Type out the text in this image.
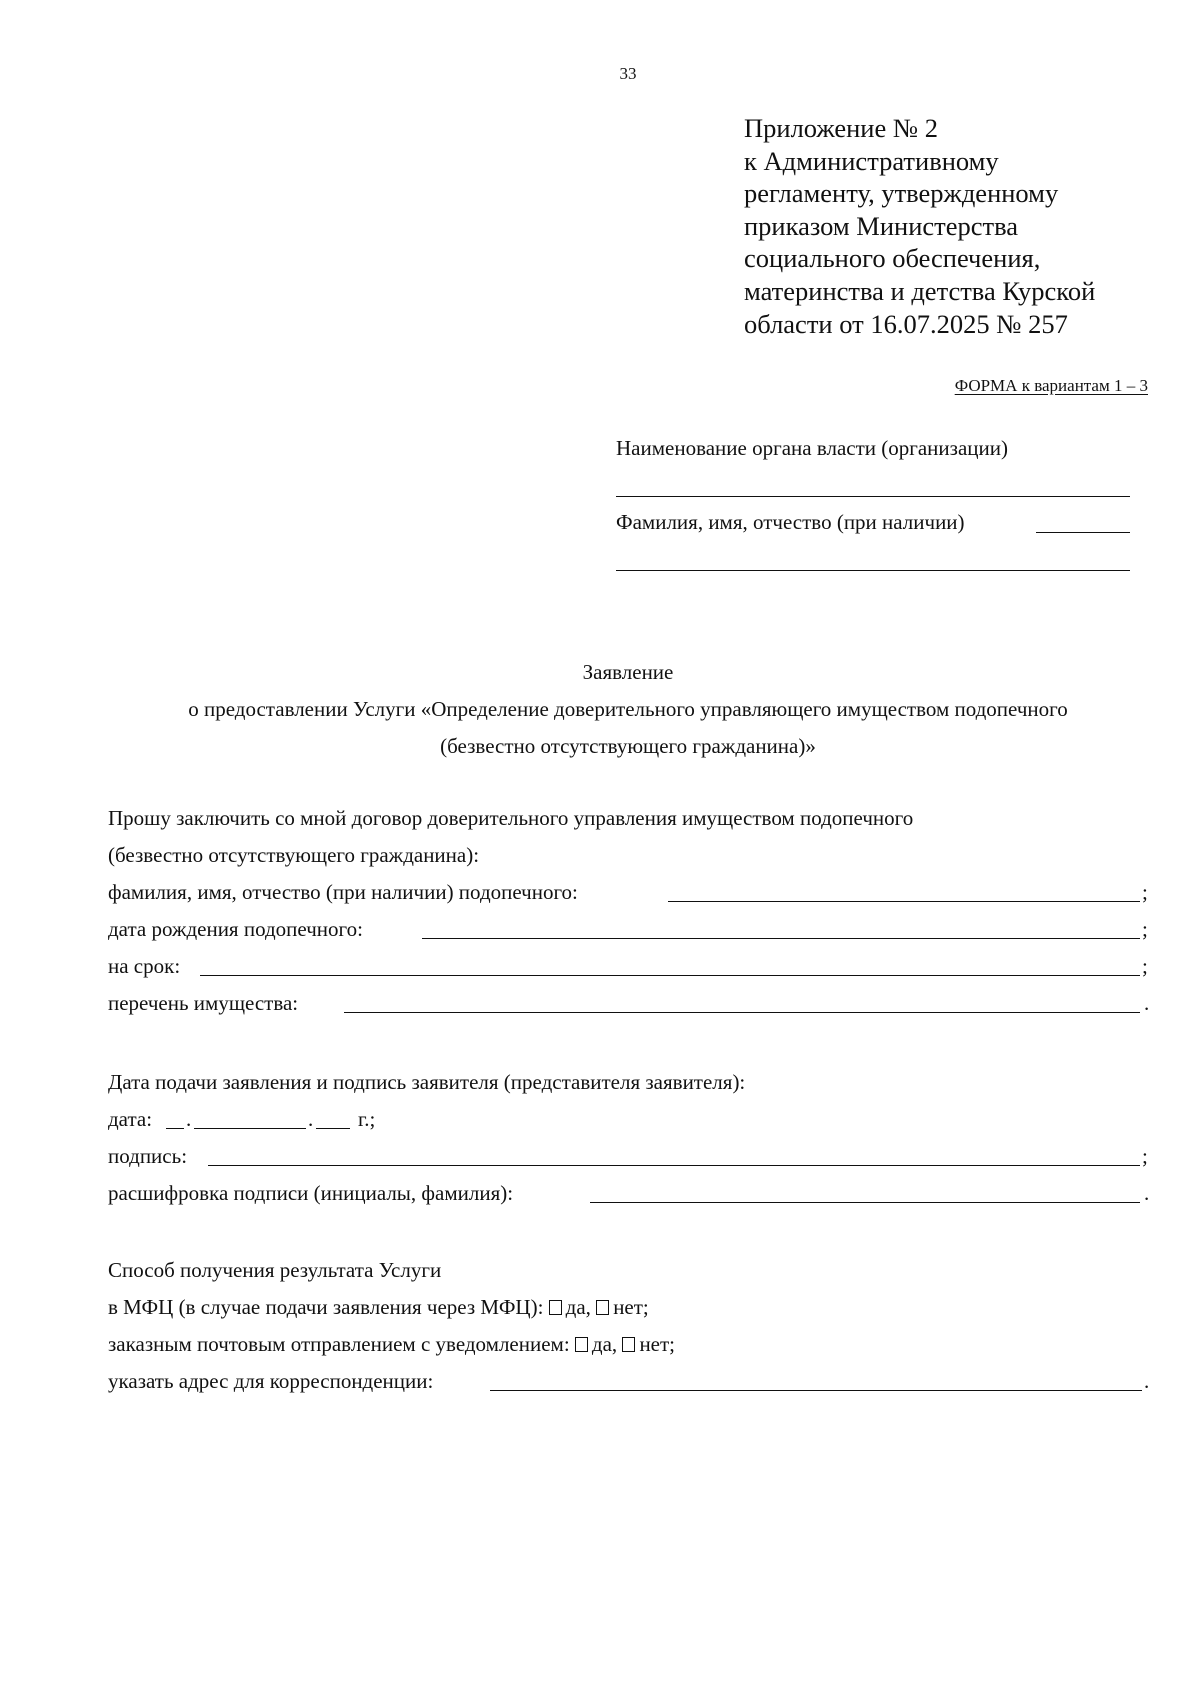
33
Приложение № 2
к Административному
регламенту, утвержденному
приказом Министерства
социального обеспечения,
материнства и детства Курской
области от 16.07.2025 № 257
ФОРМА к вариантам 1 – 3
Наименование органа власти (организации)
Фамилия, имя, отчество (при наличии)
Заявление
о предоставлении Услуги «Определение доверительного управляющего имуществом подопечного
(безвестно отсутствующего гражданина)»
Прошу заключить со мной договор доверительного управления имуществом подопечного
(безвестно отсутствующего гражданина):
фамилия, имя, отчество (при наличии) подопечного:	;
дата рождения подопечного:	;
на срок:	;
перечень имущества:	.
Дата подачи заявления и подпись заявителя (представителя заявителя):
дата: .	. г.;
подпись:	;
расшифровка подписи (инициалы, фамилия):	.
Способ получения результата Услуги
в МФЦ (в случае подачи заявления через МФЦ): да, нет;
заказным почтовым отправлением с уведомлением: да, нет;
указать адрес для корреспонденции:	.
